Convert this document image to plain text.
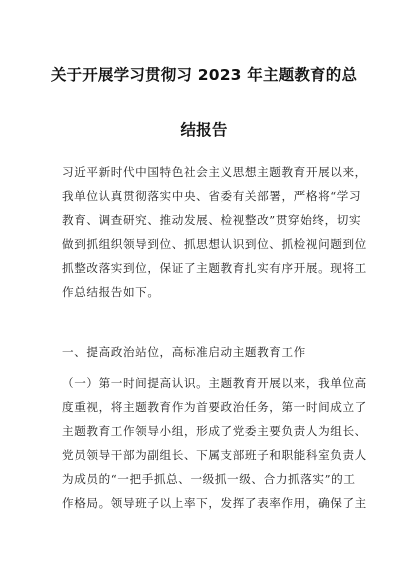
关于开展学习贯彻习 2023 年主题教育的总
结报告
习近平新时代中国特色社会主义思想主题教育开展以来，
我单位认真贯彻落实中央、省委有关部署，严格将“学习
教育、调查研究、推动发展、检视整改”贯穿始终，切实
做到抓组织领导到位、抓思想认识到位、抓检视问题到位
抓整改落实到位，保证了主题教育扎实有序开展。现将工
作总结报告如下。
一、提高政治站位，高标准启动主题教育工作
（一）第一时间提高认识。主题教育开展以来，我单位高
度重视，将主题教育作为首要政治任务，第一时间成立了
主题教育工作领导小组，形成了党委主要负责人为组长、
党员领导干部为副组长、下属支部班子和职能科室负责人
为成员的“一把手抓总、一级抓一级、合力抓落实”的工
作格局。领导班子以上率下，发挥了表率作用，确保了主
